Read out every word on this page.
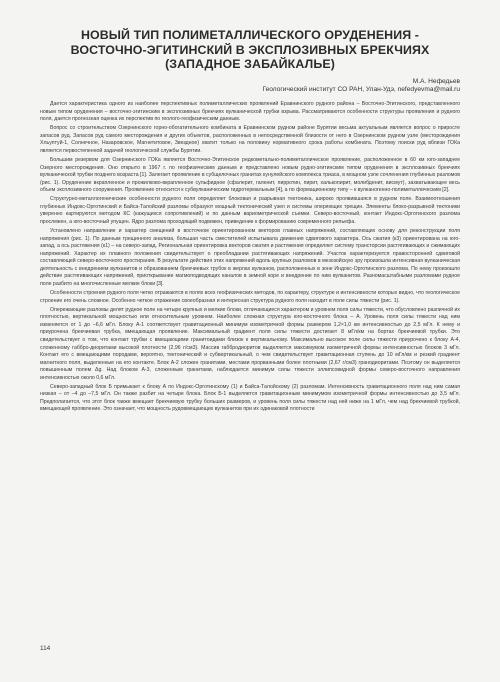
НОВЫЙ ТИП ПОЛИМЕТАЛЛИЧЕСКОГО ОРУДЕНЕНИЯ -
ВОСТОЧНО-ЭГИТИНСКИЙ В ЭКСПЛОЗИВНЫХ БРЕКЧИЯХ
(ЗАПАДНОЕ ЗАБАЙКАЛЬЕ)
М.А. Нефедьев
Геологический институт СО РАН, Улан-Удэ, nefedyevma@mail.ru

Дается характеристика одного из наиболее перспективных полиметаллических проявлений Еравнинского рудного района – Восточно-Эгитинского, представленного новым типом оруденения – восточно-эгитинским в эксплозивных брекчиях вулканической трубки взрыва. Рассматриваются особенности структуры проявления и рудного поля, дается прогнозная оценка их перспектив по геолого-геофизическим данным.

Вопрос со строительством Озернинского горно-обогатительного комбината в Еравнинском рудном районе Бурятии весьма актуальным является вопрос о приросте запасов руд. Запасов руд самого месторождения и других объектов, расположенных в непосредственной близости от него в Озернинском рудном узле (месторождения Хльуптуй-1, Солнечное, Назаровское, Магнетитовое, Звездное) хватит только на половину нормативного срока работы комбината. Поэтому поиски руд вблизи ГОКа является первостепенной задачей геологической службы Бурятии.

Большим резервом для Озернинского ГОКа является Восточно-Эгитинское редкометально-полиметаллическое проявление, расположенное в 60 км юго-западнее Озерного месторождения. Оно открыто в 1967 г. по геофизическим данным и представлено новым рудно-эгитинским типом оруденения в эксплозивных брекчиях вулканической трубки позднего возраста [1]. Залегает проявление в субщелочных гранитах кунулейского комплекса триаса, в мощном узле сочленения глубинных разломов (рис. 1). Оруденение вкрапленное и прожилково-вкрапленное сульфидное (сфалерит, галенит, пирротин, пирит, халькопирит, молибденит, висмут), захватывающее весь объем эксплозивного сооружения. Проявление относится к субвулканическим гидротермальным [4], а по формационному типу – к вулканогенно-полиметаллическим [2].

Структурно-металлогенические особенности рудного поля определяет блоковая и разрывная тектоника, широко проявившаяся в рудном поле. Взаимоотношения глубинных Индокс-Орготинский и Байса-Талойский разломы образуют мощный тектонический узел и системы оперяющих трещин. Элементы блоко-разрывной тектоники уверенно картируются методом КС (кажущихся сопротивлений) и по данным вариометрической съемки. Северо-восточный, контакт Индокс-Орготинского разлома прослежен, а юго-восточный упущен. Ядро разлома проходящий подвижен, приведение к формированию современного рельефа.

Установлено направление и характер смещений в восточном ориентированном векторов главных напряжений, составляющих основу для реконструкции поля напряжения (рис. 1). По данным трещинного анализа, большая часть сместителей испытывала движения сдвигового характера. Ось сжатия (к3) ориентирована на юго-запад, а ось растяжения (к1) – на северо-запад. Региональная ориентировка векторов сжатия и растяжения определяет систему трансторсии растягивающих и сжимающих напряжений. Характер их плавного положения свидетельствует о преобладании растягивающих напряжений. Участок характеризуется правосторонней сдвиговой составляющей северо-восточного простирания. В результате действия этих напряжений вдоль крупных разломов в мезозойскую эру произошла интенсивная вулканическая деятельность с внедрением вулканитов и образованием брекчиевых трубок в жерлах вулканов, расположенных в зоне Индокс-Орготинского разлома. По нему произошло действие растягивающих напряжений, приоткрывание магмоподводящих каналов в земной коре и внедрение по ним вулканитов. Разномасштабными разломами рудное поле разбито на многочисленные мелкие блоки [3].

Особенности строения рудного поля четко отражаются в полях всех геофизических методов, по характеру, структуре и интенсивности которых видно, что геологическое строение его очень сложное. Особенно четкое отражение своеобразная и интересная структура рудного поля находит в поле силы тяжести (рис. 1).

Опережающие разломы делят рудное поле на четыре крупных и мелкие блоки, отличающиеся характером и уровнем поля силы тяжести, что обусловлено различной их плотностью, вертикальной мощностью или относительным уровнем. Наиболее сложная структура юго-восточного блока – А. Уровень поля силы тяжести над ним изменяется от 1 до –6,6 мГл. Блоку А-1 соответствует гравитационный минимум изометричной формы размером 1,2×1,0 км интенсивностью до 2,5 мГл. К нему и приурочена брекчиевая трубка, вмещающая проявление. Максимальный градиент поля силы тяжести достигает 8 мГл/км на бортах брекчиевой трубки. Это свидетельствует о том, что контакт трубки с вмещающими гранитоидами близок к вертикальному. Максимально высокое поле силы тяжести приурочено к блоку А-4, сложенному габбро-диоритами высокой плотности (2,96 г/см3). Массив габбродиоритов выделяется максимумом изометричной формы интенсивностью блоков 3 мГл. Контакт его с вмещающими породами, вероятно, тектонический и субвертикальный, о чем свидетельствует гравитационная ступень до 10 мГл/км и резкий градиент магнитного поля, выделенные на его контакте. Блок А-2 сложен гранитами, местами прорванными более плотными (2,67 г/см3) гранодиоритами. Поэтому он выделяется повышенным полем Δg. Над блоком А-3, сложенным гранитами, наблюдается минимум силы тяжести эллипсовидной формы северо-восточного направления интенсивностью около 0,6 мГл.

Северо-западный блок Б примыкает к блоку А по Индокс-Орготинскому (1) и Байса-Талойскому (2) разломам. Интенсивность гравитационного поля над ним самая низкая – от –4 до –7,5 мГл. Он также разбит на четыре блока. Блок Б-1 выделяется гравитационным минимумом изометричной формы интенсивностью до 3,5 мГл. Предполагается, что этот блок также вмещает брекчиевую трубку больших размеров, и уровень поля силы тяжести над ней ниже на 1 мГл, чем над брекчиевой трубкой, вмещающей проявление. Это означает, что мощность рудовмещающих вулканитов при их одинаковой плотности

114
